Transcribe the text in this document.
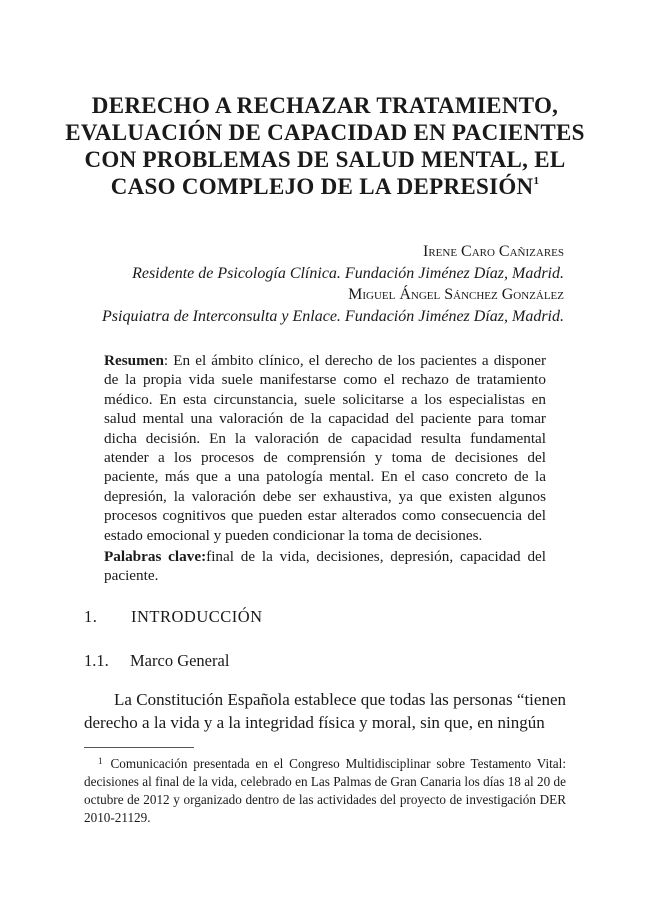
DERECHO A RECHAZAR TRATAMIENTO, EVALUACIÓN DE CAPACIDAD EN PACIENTES CON PROBLEMAS DE SALUD MENTAL, EL CASO COMPLEJO DE LA DEPRESIÓN$^1$
Irene Caro Cañizares
Residente de Psicología Clínica. Fundación Jiménez Díaz, Madrid.
Miguel Ángel Sánchez González
Psiquiatra de Interconsulta y Enlace. Fundación Jiménez Díaz, Madrid.

Resumen: En el ámbito clínico, el derecho de los pacientes a disponer de la propia vida suele manifestarse como el rechazo de tratamiento médico. En esta circunstancia, suele solicitarse a los especialistas en salud mental una valoración de la capacidad del paciente para tomar dicha decisión. En la valoración de capacidad resulta fundamental atender a los procesos de comprensión y toma de decisiones del paciente, más que a una patología mental. En el caso concreto de la depresión, la valoración debe ser exhaustiva, ya que existen algunos procesos cognitivos que pueden estar alterados como consecuencia del estado emocional y pueden condicionar la toma de decisiones.

Palabras clave:final de la vida, decisiones, depresión, capacidad del paciente.

1. INTRODUCCIÓN
1.1. Marco General

La Constitución Española establece que todas las personas “tienen derecho a la vida y a la integridad física y moral, sin que, en ningún

$^1$ Comunicación presentada en el Congreso Multidisciplinar sobre Testamento Vital: decisiones al final de la vida, celebrado en Las Palmas de Gran Canaria los días 18 al 20 de octubre de 2012 y organizado dentro de las actividades del proyecto de investigación DER 2010-21129.
